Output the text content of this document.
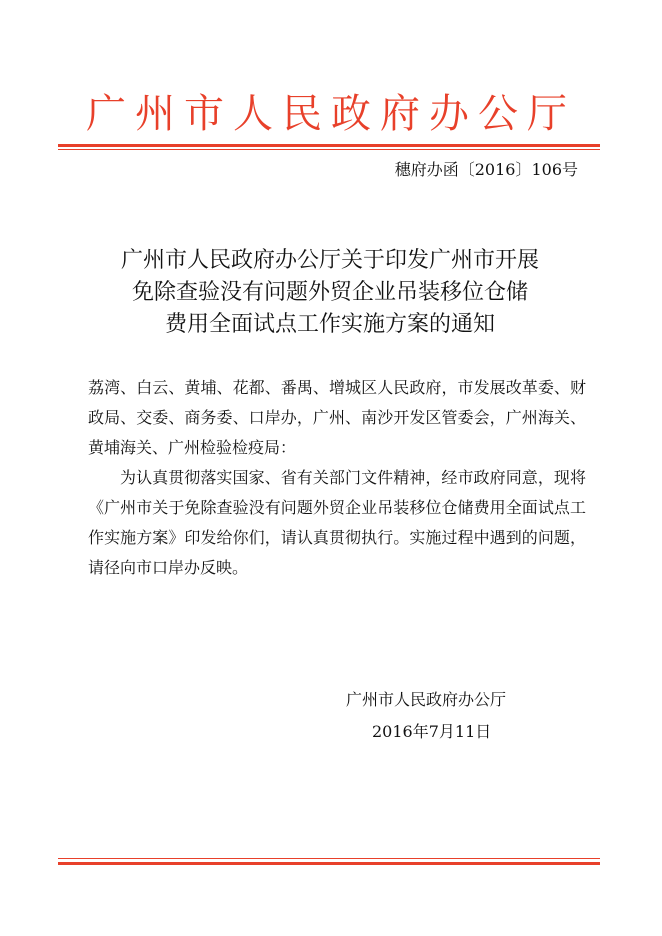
广州市人民政府办公厅
穗府办函〔2016〕106号
广州市人民政府办公厅关于印发广州市开展
免除查验没有问题外贸企业吊装移位仓储
费用全面试点工作实施方案的通知

荔湾、白云、黄埔、花都、番禺、增城区人民政府，市发展改革委、财政局、交委、商务委、口岸办，广州、南沙开发区管委会，广州海关、黄埔海关、广州检验检疫局：

为认真贯彻落实国家、省有关部门文件精神，经市政府同意，现将《广州市关于免除查验没有问题外贸企业吊装移位仓储费用全面试点工作实施方案》印发给你们，请认真贯彻执行。实施过程中遇到的问题，请径向市口岸办反映。

广州市人民政府办公厅
2016年7月11日
